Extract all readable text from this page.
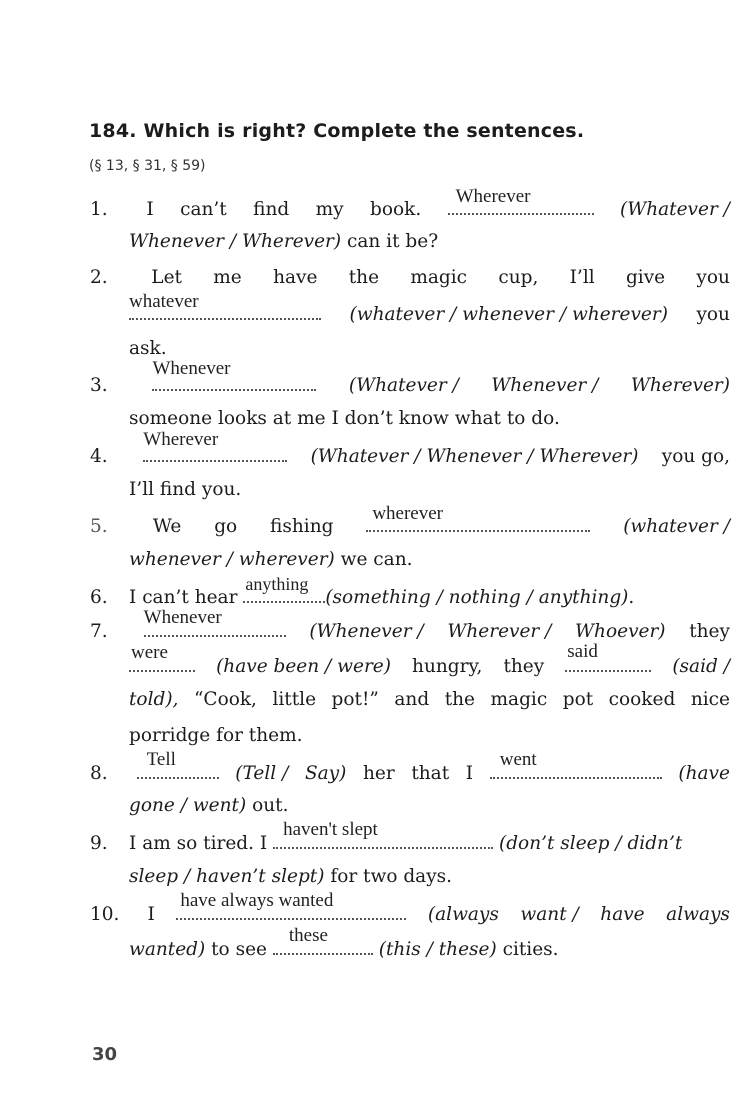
184. Which is right? Complete the sentences.
(§ 13, § 31, § 59)
1.	I can’t find my book.
Wherever
(Whatever /
Whenever / Wherever) can it be?
2.	Let me have the magic cup, I’ll give you
whatever
(whatever / whenever / wherever) you
ask.
3.
Whenever
(Whatever / Whenever / Wherever)
someone looks at me I don’t know what to do.
4.
Wherever
(Whatever / Whenever / Wherever) you go,
I’ll find you.
5.	We go fishing
wherever
(whatever /
whenever / wherever) we can.
6. I can’t hear
anything
(something / nothing / anything).
7.
Whenever
(Whenever / Wherever / Whoever) they
were
(have been / were) hungry, they
said
(said /
told), “Cook, little pot!” and the magic pot cooked nice
porridge for them.
8.
Tell
(Tell / Say) her that I
went
(have
gone / went) out.
9. I am so tired. I
haven't slept
(don’t sleep / didn’t
sleep / haven’t slept) for two days.
10.	I
have always wanted
(always want / have always
wanted) to see
these
(this / these) cities.
30
